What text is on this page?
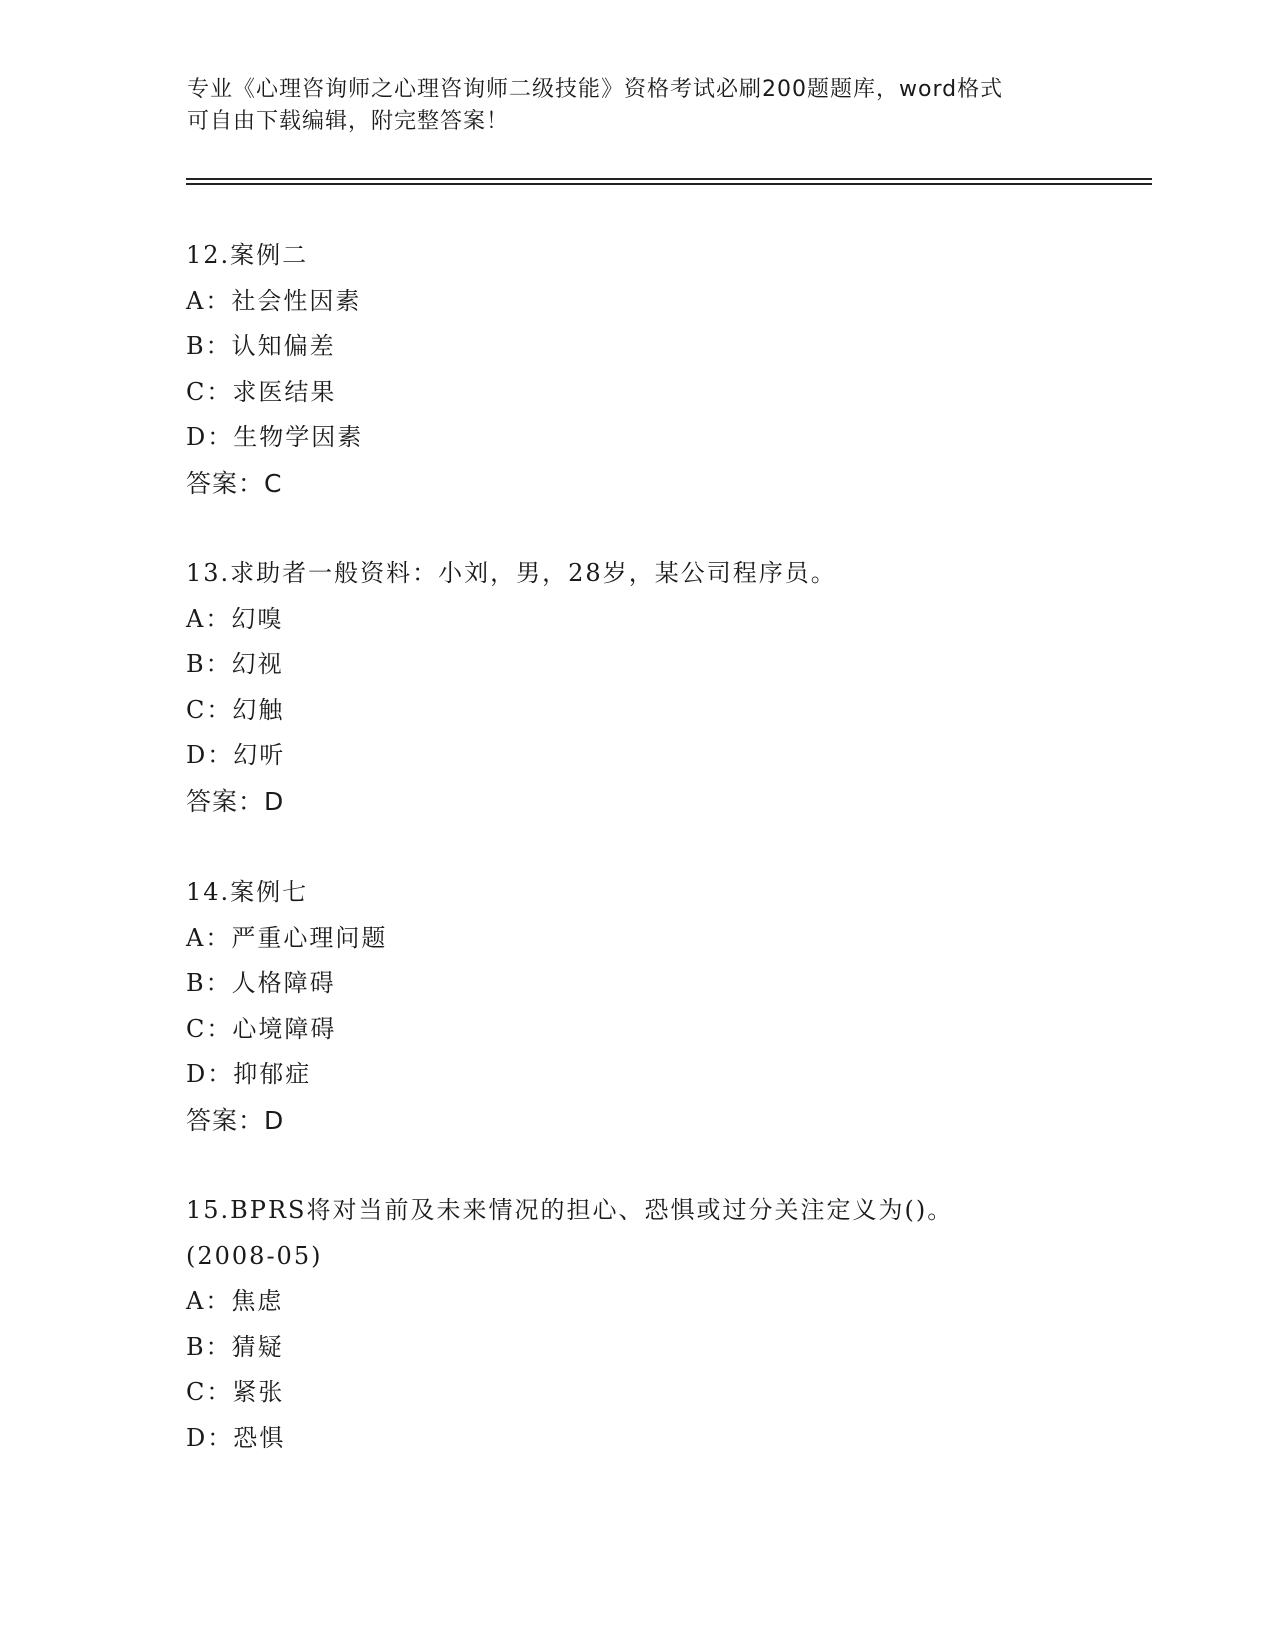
专业《心理咨询师之心理咨询师二级技能》资格考试必刷200题题库，word格式
可自由下载编辑，附完整答案！
12.案例二
A：社会性因素
B：认知偏差
C：求医结果
D：生物学因素
答案：C
13.求助者一般资料：小刘，男，28岁，某公司程序员。
A：幻嗅
B：幻视
C：幻触
D：幻听
答案：D
14.案例七
A：严重心理问题
B：人格障碍
C：心境障碍
D：抑郁症
答案：D
15.BPRS将对当前及未来情况的担心、恐惧或过分关注定义为()。
(2008-05)
A：焦虑
B：猜疑
C：紧张
D：恐惧
